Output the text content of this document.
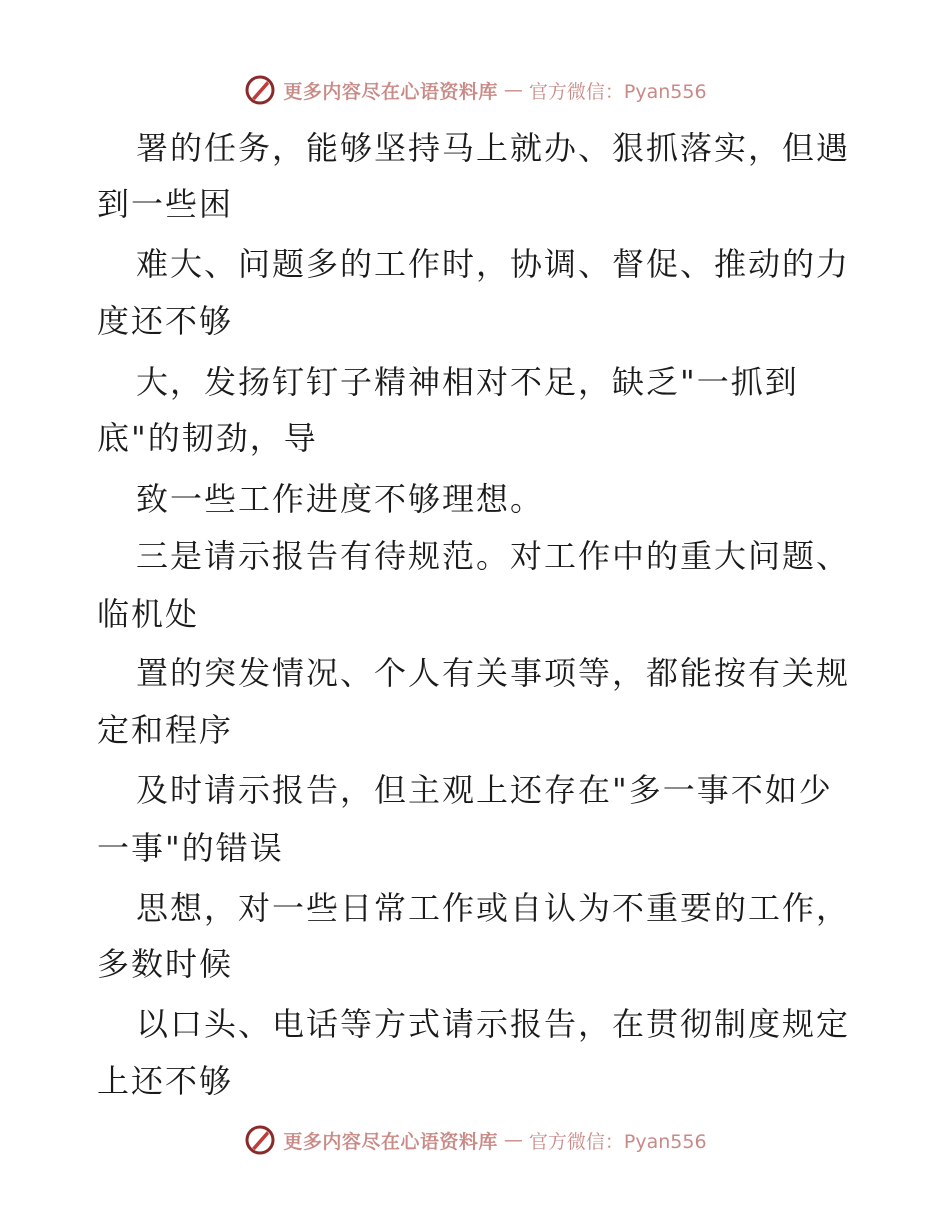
更多内容尽在心语资料库 — 官方微信：Pyan556
署的任务，能够坚持马上就办、狠抓落实，但遇
到一些困
难大、问题多的工作时，协调、督促、推动的力
度还不够
大，发扬钉钉子精神相对不足，缺乏"一抓到
底"的韧劲，导
致一些工作进度不够理想。
三是请示报告有待规范。对工作中的重大问题、
临机处
置的突发情况、个人有关事项等，都能按有关规
定和程序
及时请示报告，但主观上还存在"多一事不如少
一事"的错误
思想，对一些日常工作或自认为不重要的工作，
多数时候
以口头、电话等方式请示报告，在贯彻制度规定
上还不够
更多内容尽在心语资料库 — 官方微信：Pyan556
